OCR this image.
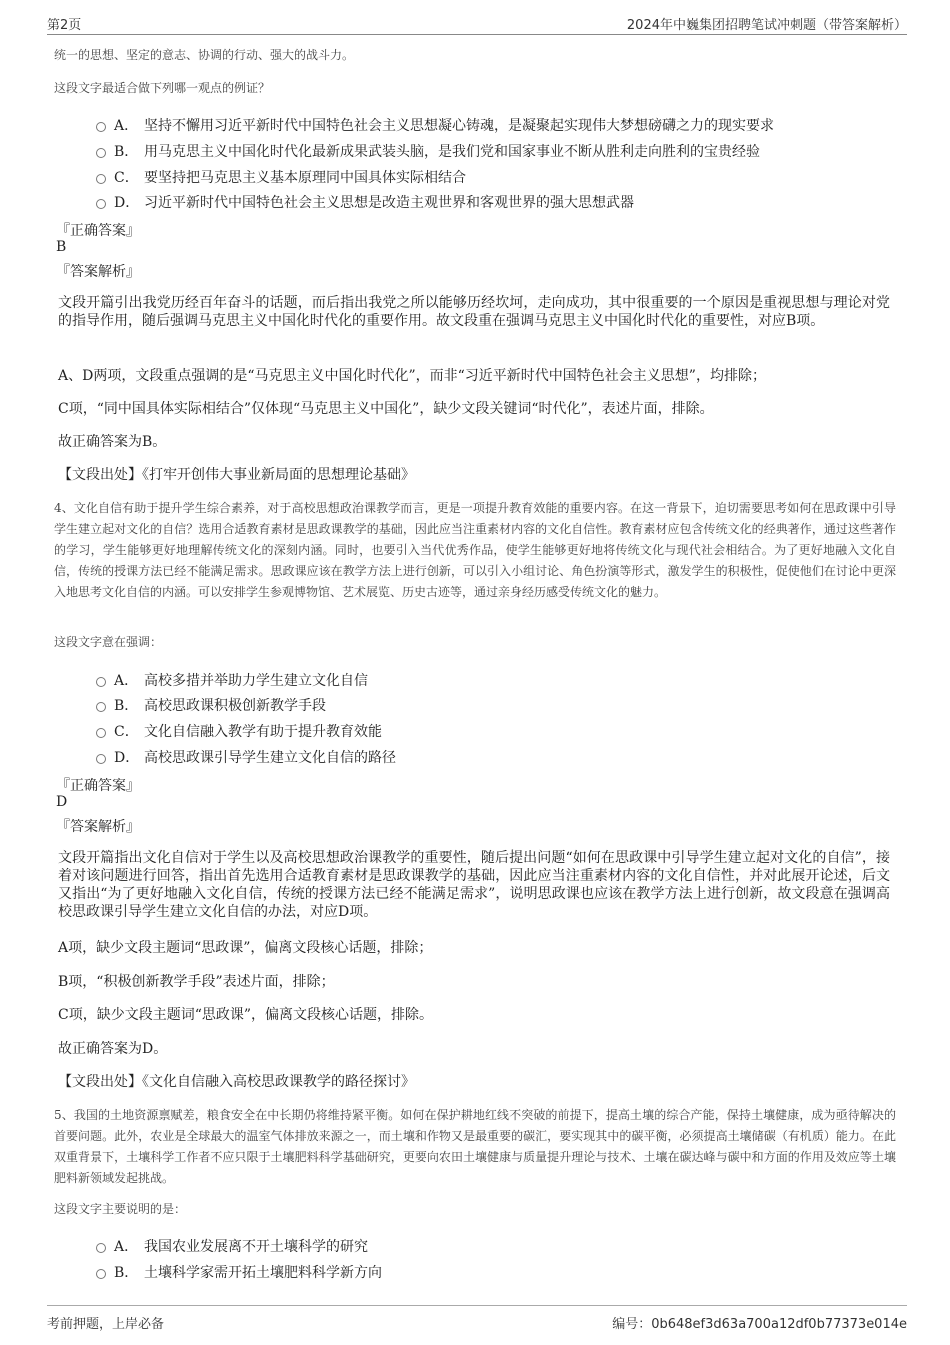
第2页	2024年中巍集团招聘笔试冲刺题（带答案解析）
统一的思想、坚定的意志、协调的行动、强大的战斗力。
这段文字最适合做下列哪一观点的例证？
A． 坚持不懈用习近平新时代中国特色社会主义思想凝心铸魂，是凝聚起实现伟大梦想磅礴之力的现实要求
B． 用马克思主义中国化时代化最新成果武装头脑，是我们党和国家事业不断从胜利走向胜利的宝贵经验
C． 要坚持把马克思主义基本原理同中国具体实际相结合
D． 习近平新时代中国特色社会主义思想是改造主观世界和客观世界的强大思想武器
『正确答案』
B
『答案解析』
文段开篇引出我党历经百年奋斗的话题，而后指出我党之所以能够历经坎坷，走向成功，其中很重要的一个原因是重视思想与理论对党的指导作用，随后强调马克思主义中国化时代化的重要作用。故文段重在强调马克思主义中国化时代化的重要性，对应B项。
A、D两项，文段重点强调的是“马克思主义中国化时代化”，而非“习近平新时代中国特色社会主义思想”，均排除；
C项，“同中国具体实际相结合”仅体现“马克思主义中国化”，缺少文段关键词“时代化”，表述片面，排除。
故正确答案为B。
【文段出处】《打牢开创伟大事业新局面的思想理论基础》
4、文化自信有助于提升学生综合素养，对于高校思想政治课教学而言，更是一项提升教育效能的重要内容。在这一背景下，迫切需要思考如何在思政课中引导学生建立起对文化的自信？选用合适教育素材是思政课教学的基础，因此应当注重素材内容的文化自信性。教育素材应包含传统文化的经典著作，通过这些著作的学习，学生能够更好地理解传统文化的深刻内涵。同时，也要引入当代优秀作品，使学生能够更好地将传统文化与现代社会相结合。为了更好地融入文化自信，传统的授课方法已经不能满足需求。思政课应该在教学方法上进行创新，可以引入小组讨论、角色扮演等形式，激发学生的积极性，促使他们在讨论中更深入地思考文化自信的内涵。可以安排学生参观博物馆、艺术展览、历史古迹等，通过亲身经历感受传统文化的魅力。
这段文字意在强调：
A． 高校多措并举助力学生建立文化自信
B． 高校思政课积极创新教学手段
C． 文化自信融入教学有助于提升教育效能
D． 高校思政课引导学生建立文化自信的路径
『正确答案』
D
『答案解析』
文段开篇指出文化自信对于学生以及高校思想政治课教学的重要性，随后提出问题“如何在思政课中引导学生建立起对文化的自信”，接着对该问题进行回答，指出首先选用合适教育素材是思政课教学的基础，因此应当注重素材内容的文化自信性，并对此展开论述，后文又指出“为了更好地融入文化自信，传统的授课方法已经不能满足需求”，说明思政课也应该在教学方法上进行创新，故文段意在强调高校思政课引导学生建立文化自信的办法，对应D项。
A项，缺少文段主题词“思政课”，偏离文段核心话题，排除；
B项，“积极创新教学手段”表述片面，排除；
C项，缺少文段主题词“思政课”，偏离文段核心话题，排除。
故正确答案为D。
【文段出处】《文化自信融入高校思政课教学的路径探讨》
5、我国的土地资源禀赋差，粮食安全在中长期仍将维持紧平衡。如何在保护耕地红线不突破的前提下，提高土壤的综合产能，保持土壤健康，成为亟待解决的首要问题。此外，农业是全球最大的温室气体排放来源之一，而土壤和作物又是最重要的碳汇，要实现其中的碳平衡，必须提高土壤储碳（有机质）能力。在此双重背景下，土壤科学工作者不应只限于土壤肥料科学基础研究，更要向农田土壤健康与质量提升理论与技术、土壤在碳达峰与碳中和方面的作用及效应等土壤肥料新领域发起挑战。
这段文字主要说明的是：
A． 我国农业发展离不开土壤科学的研究
B． 土壤科学家需开拓土壤肥料科学新方向
考前押题，上岸必备	编号：0b648ef3d63a700a12df0b77373e014e
